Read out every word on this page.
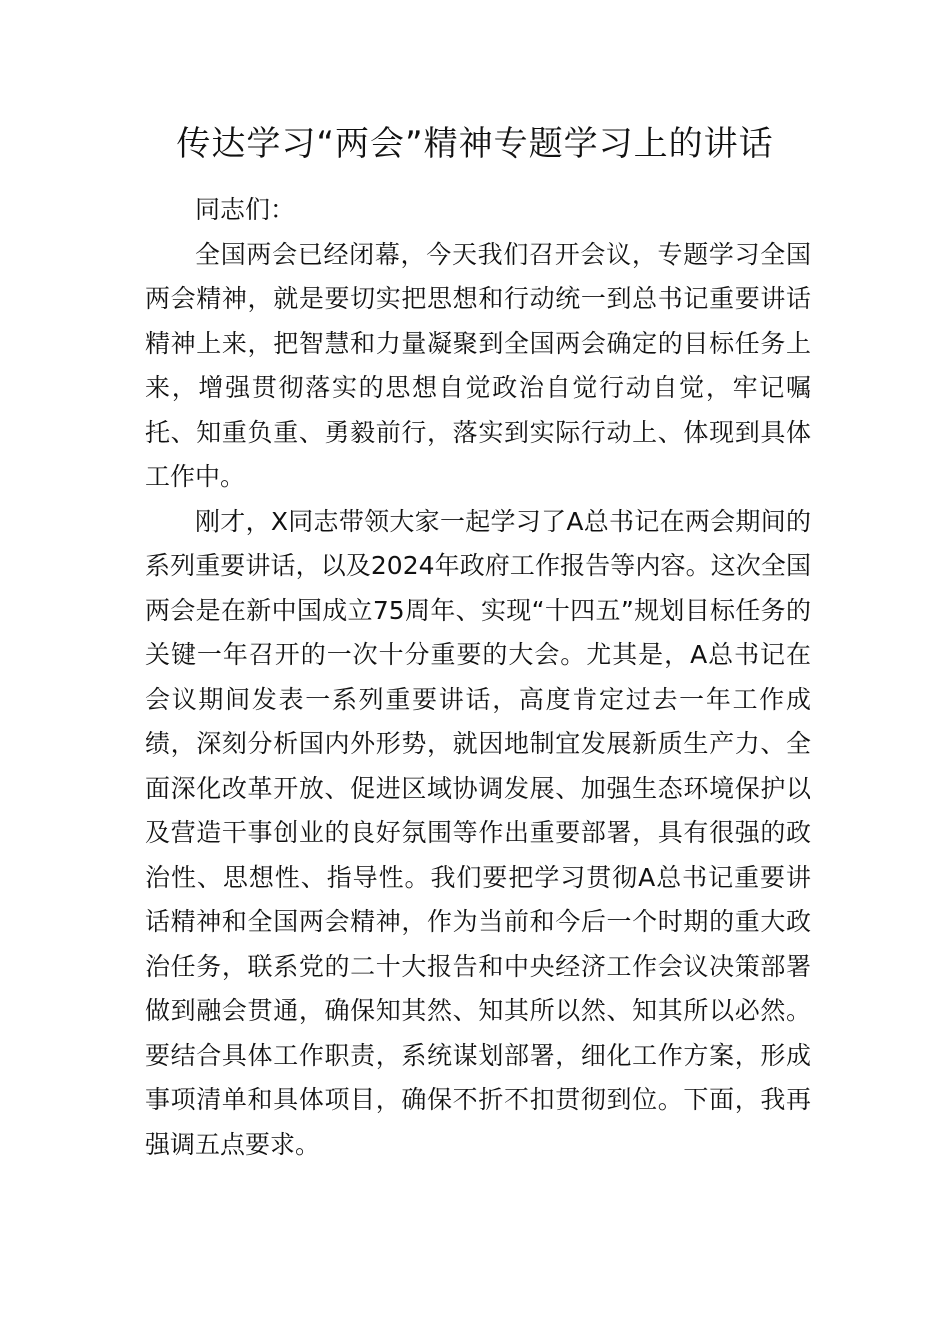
传达学习“两会”精神专题学习上的讲话

同志们：

全国两会已经闭幕，今天我们召开会议，专题学习全国两会精神，就是要切实把思想和行动统一到总书记重要讲话精神上来，把智慧和力量凝聚到全国两会确定的目标任务上来，增强贯彻落实的思想自觉政治自觉行动自觉，牢记嘱托、知重负重、勇毅前行，落实到实际行动上、体现到具体工作中。

刚才，X同志带领大家一起学习了A总书记在两会期间的系列重要讲话，以及2024年政府工作报告等内容。这次全国两会是在新中国成立75周年、实现“十四五”规划目标任务的关键一年召开的一次十分重要的大会。尤其是，A总书记在会议期间发表一系列重要讲话，高度肯定过去一年工作成绩，深刻分析国内外形势，就因地制宜发展新质生产力、全面深化改革开放、促进区域协调发展、加强生态环境保护以及营造干事创业的良好氛围等作出重要部署，具有很强的政治性、思想性、指导性。我们要把学习贯彻A总书记重要讲话精神和全国两会精神，作为当前和今后一个时期的重大政治任务，联系党的二十大报告和中央经济工作会议决策部署做到融会贯通，确保知其然、知其所以然、知其所以必然。要结合具体工作职责，系统谋划部署，细化工作方案，形成事项清单和具体项目，确保不折不扣贯彻到位。下面，我再强调五点要求。
